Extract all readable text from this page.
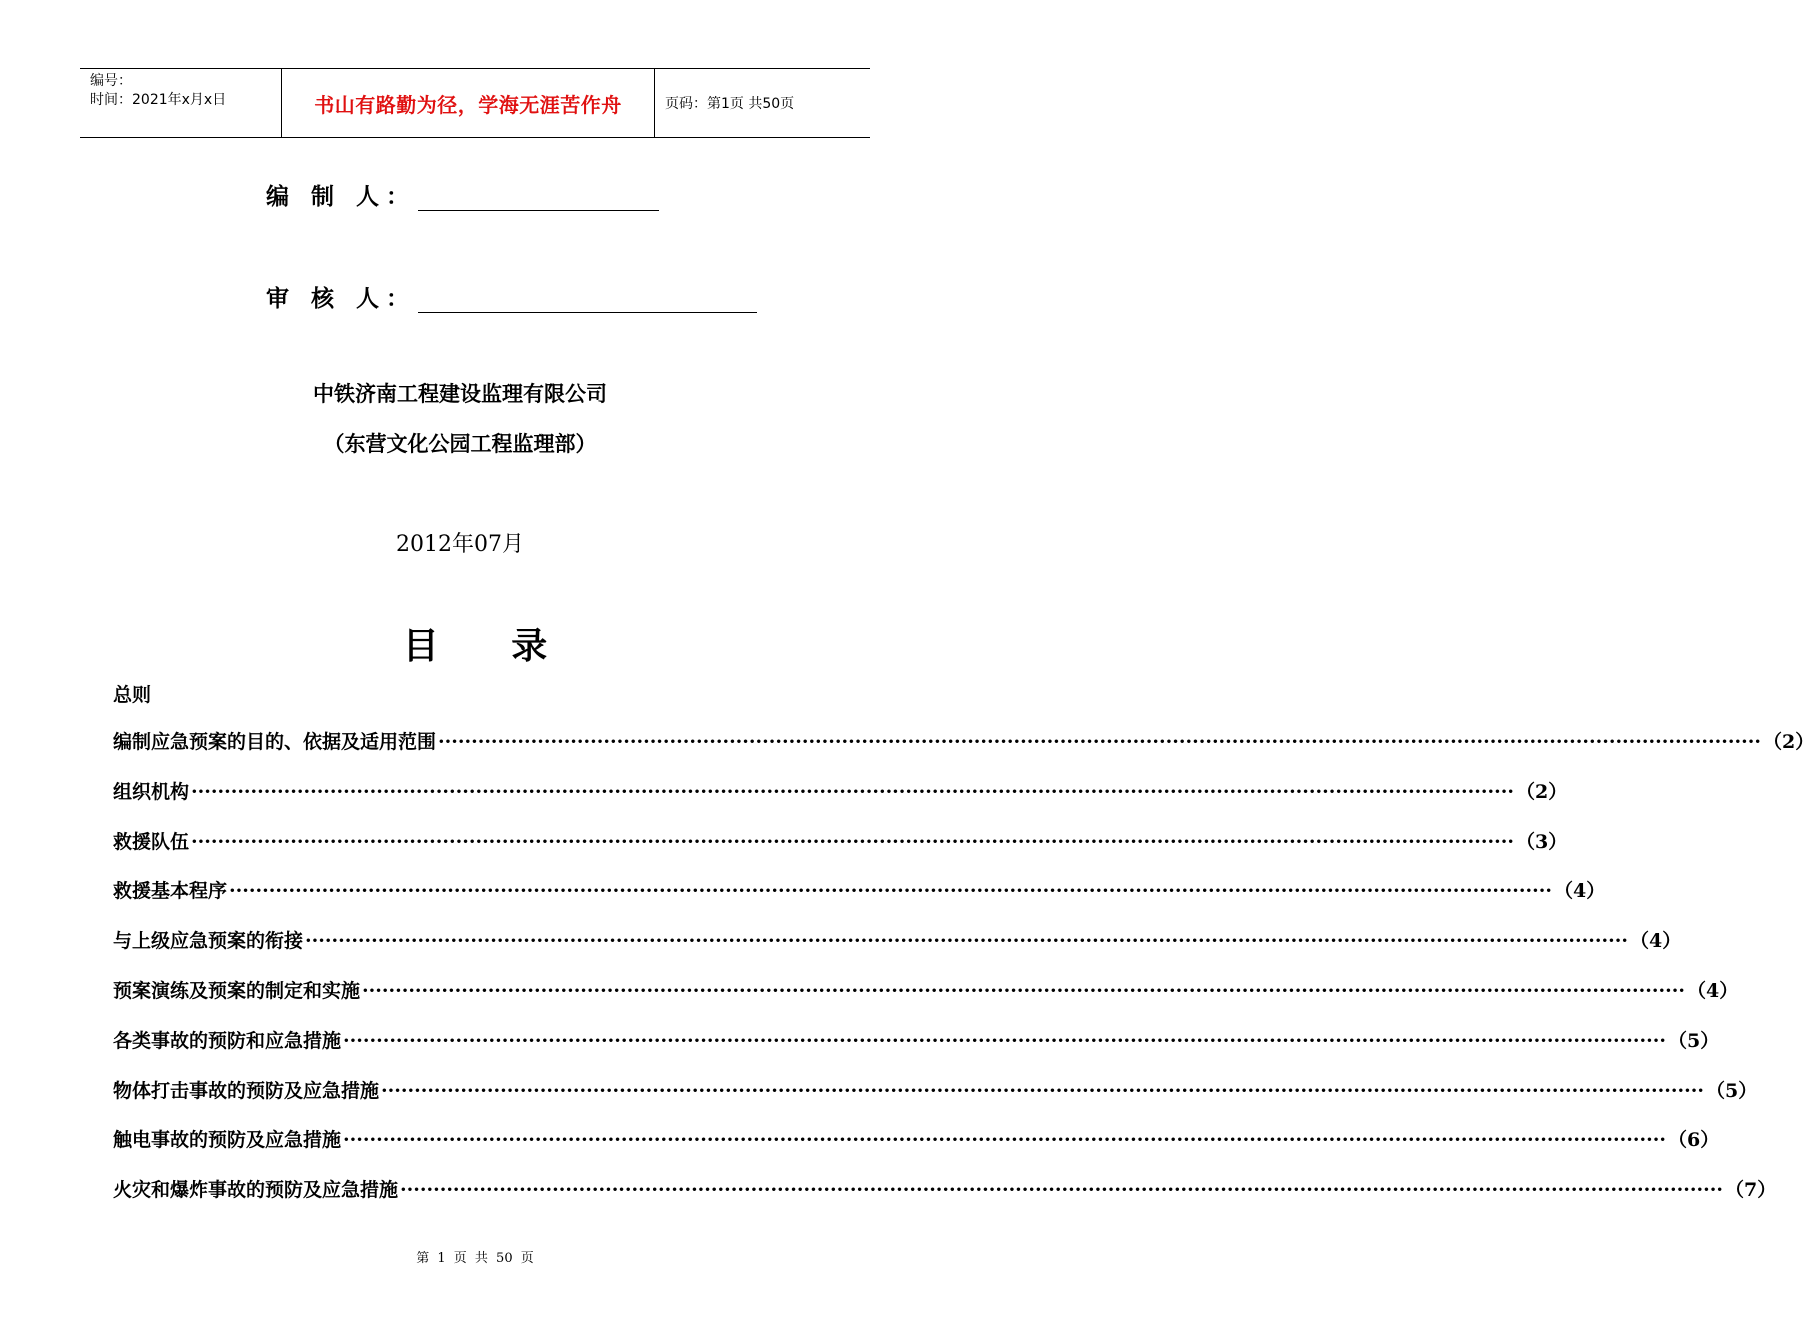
编号：
时间：2021年x月x日	书山有路勤为径，学海无涯苦作舟	页码：第1页 共50页
编 制 人：
审 核 人：
中铁济南工程建设监理有限公司
（东营文化公园工程监理部）
2012年07月
目 录
总则
编制应急预案的目的、依据及适用范围 ········································································································································································································ （2）
组织机构 ········································································································································································································ （2）
救援队伍 ········································································································································································································ （3）
救援基本程序 ········································································································································································································ （4）
与上级应急预案的衔接 ········································································································································································································ （4）
预案演练及预案的制定和实施 ········································································································································································································ （4）
各类事故的预防和应急措施 ········································································································································································································ （5）
物体打击事故的预防及应急措施 ········································································································································································································ （5）
触电事故的预防及应急措施 ········································································································································································································ （6）
火灾和爆炸事故的预防及应急措施 ········································································································································································································ （7）
第 1 页 共 50 页
